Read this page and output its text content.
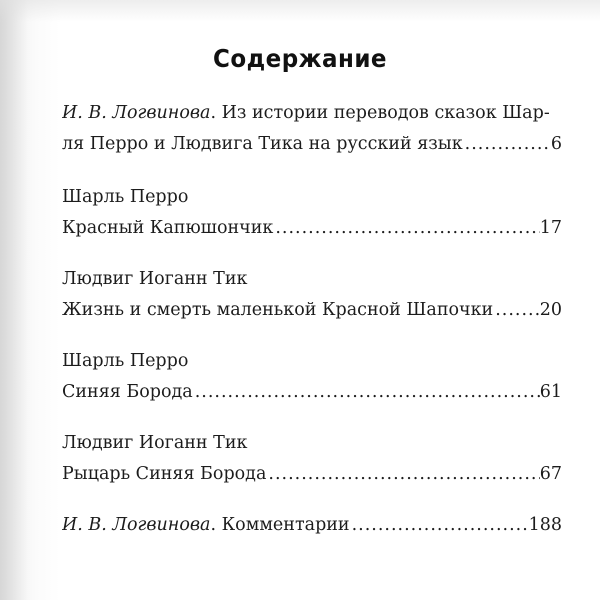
Содержание
И. В. Логвинова. Из истории переводов сказок Шар-
ля Перро и Людвига Тика на русский язык .....	6
Шарль Перро
Красный Капюшончик .....	17
Людвиг Иоганн Тик
Жизнь и смерть маленькой Красной Шапочки .....	20
Шарль Перро
Синяя Борода .....	61
Людвиг Иоганн Тик
Рыцарь Синяя Борода .....	67
И. В. Логвинова. Комментарии .....	188
